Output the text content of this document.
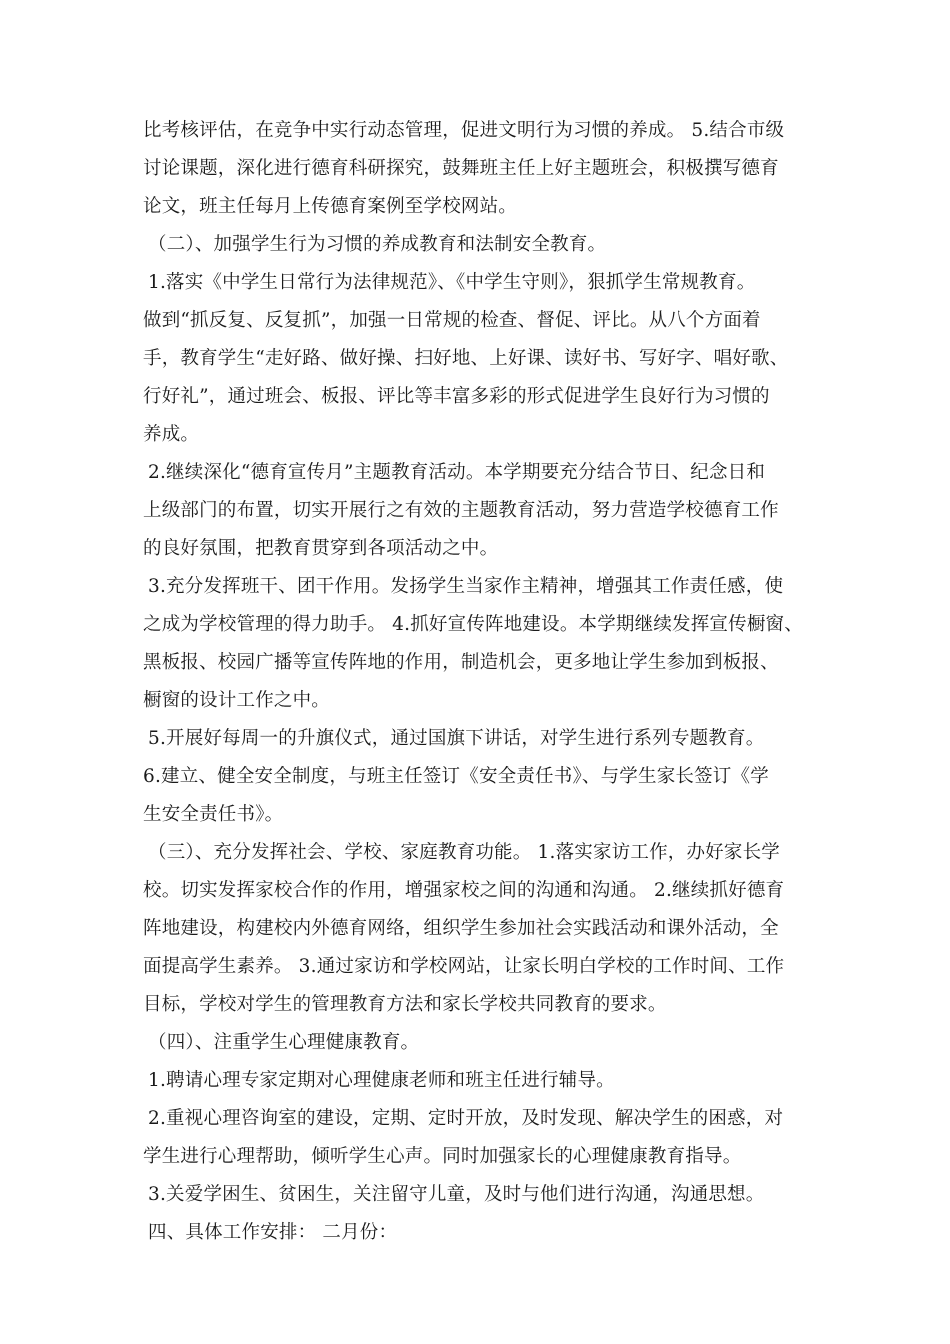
比考核评估，在竞争中实行动态管理，促进文明行为习惯的养成。 5.结合市级
讨论课题，深化进行德育科研探究，鼓舞班主任上好主题班会，积极撰写德育
论文，班主任每月上传德育案例至学校网站。
（二）、加强学生行为习惯的养成教育和法制安全教育。
1.落实《中学生日常行为法律规范》、《中学生守则》，狠抓学生常规教育。
做到“抓反复、反复抓”，加强一日常规的检查、督促、评比。从八个方面着
手，教育学生“走好路、做好操、扫好地、上好课、读好书、写好字、唱好歌、
行好礼”，通过班会、板报、评比等丰富多彩的形式促进学生良好行为习惯的
养成。
2.继续深化“德育宣传月”主题教育活动。本学期要充分结合节日、纪念日和
上级部门的布置，切实开展行之有效的主题教育活动，努力营造学校德育工作
的良好氛围，把教育贯穿到各项活动之中。
3.充分发挥班干、团干作用。发扬学生当家作主精神，增强其工作责任感，使
之成为学校管理的得力助手。 4.抓好宣传阵地建设。本学期继续发挥宣传橱窗、
黑板报、校园广播等宣传阵地的作用，制造机会，更多地让学生参加到板报、
橱窗的设计工作之中。
5.开展好每周一的升旗仪式，通过国旗下讲话，对学生进行系列专题教育。
6.建立、健全安全制度，与班主任签订《安全责任书》、与学生家长签订《学
生安全责任书》。
（三）、充分发挥社会、学校、家庭教育功能。 1.落实家访工作，办好家长学
校。切实发挥家校合作的作用，增强家校之间的沟通和沟通。 2.继续抓好德育
阵地建设，构建校内外德育网络，组织学生参加社会实践活动和课外活动，全
面提高学生素养。 3.通过家访和学校网站，让家长明白学校的工作时间、工作
目标，学校对学生的管理教育方法和家长学校共同教育的要求。
（四）、注重学生心理健康教育。
1.聘请心理专家定期对心理健康老师和班主任进行辅导。
2.重视心理咨询室的建设，定期、定时开放，及时发现、解决学生的困惑，对
学生进行心理帮助，倾听学生心声。同时加强家长的心理健康教育指导。
3.关爱学困生、贫困生，关注留守儿童，及时与他们进行沟通，沟通思想。
四、具体工作安排： 二月份：
